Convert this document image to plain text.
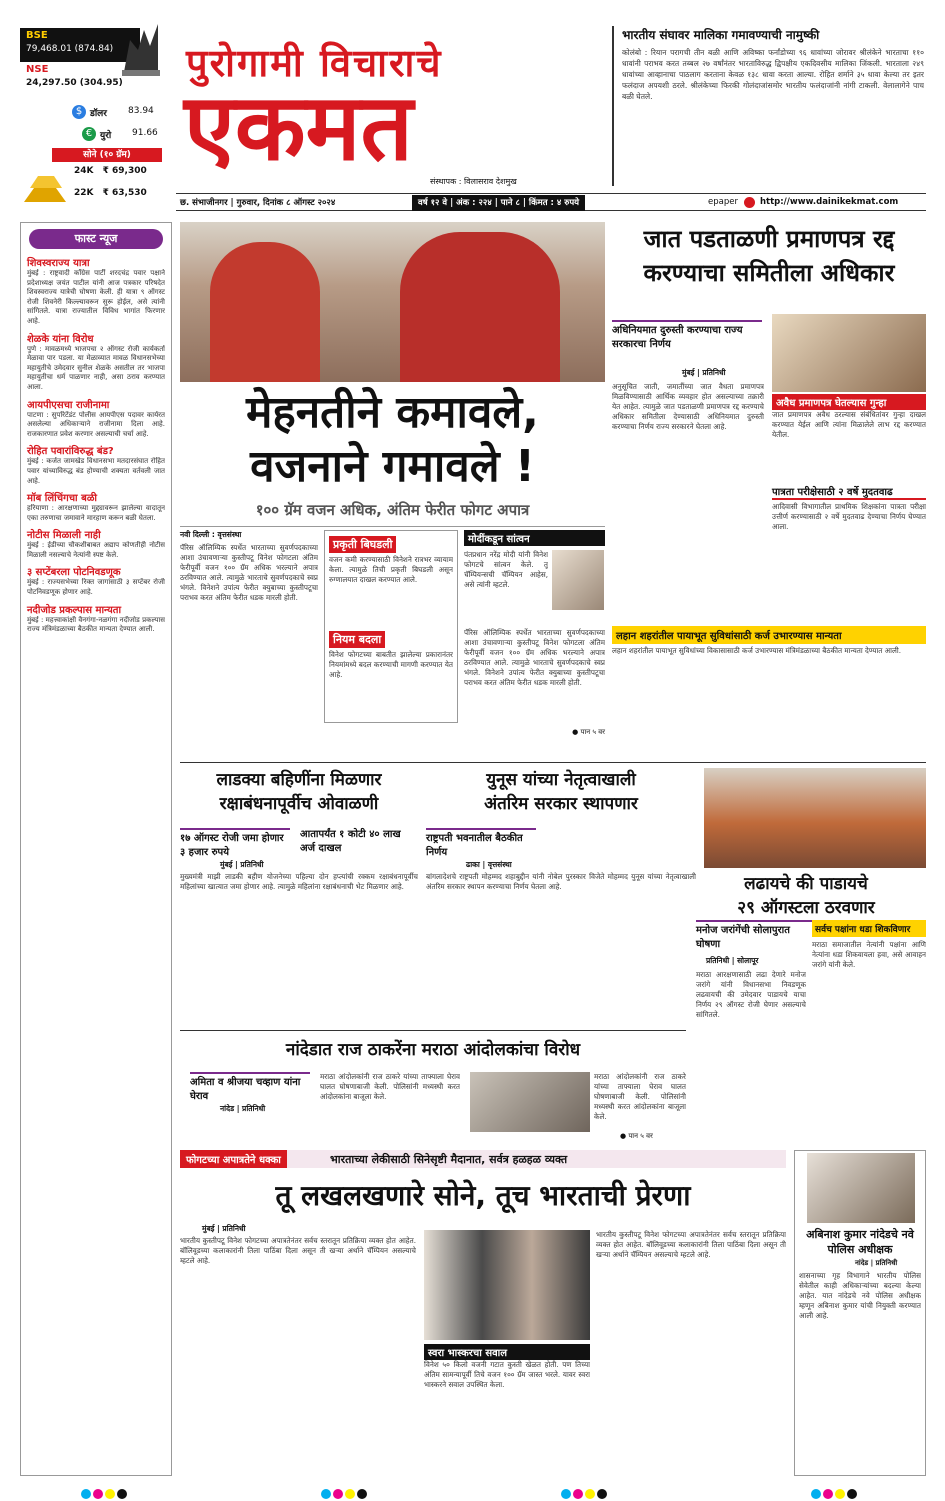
BSE
79,468.01 (874.84)
NSE
24,297.50 (304.95)
$ डॉलर 83.94
€ युरो 91.66
सोने (१० ग्रॅम)
24K ₹ 69,300
22K ₹ 63,530
पुरोगामी विचाराचे
एकमत
संस्थापक : विलासराव देशमुख
भारतीय संघावर मालिका गमावण्याची नामुष्की
कोलंबो : रियान परागची तीन बळी आणि अविष्का फर्नांडोच्या ९६ धावांच्या जोरावर श्रीलंकेने भारताचा ११० धावांनी पराभव करत तब्बल २७ वर्षांनंतर भारताविरुद्ध द्विपक्षीय एकदिवसीय मालिका जिंकली. भारताला २४९ धावांच्या आव्हानाचा पाठलाग करताना केवळ १३८ धावा करता आल्या. रोहित शर्माने ३५ धावा केल्या तर इतर फलंदाज अपयशी ठरले. श्रीलंकेच्या फिरकी गोलंदाजांसमोर भारतीय फलंदाजांनी नांगी टाकली. वेलालागेने पाच बळी घेतले.
छ. संभाजीनगर | गुरुवार, दिनांक ८ ऑगस्ट २०२४	वर्ष १२ वे | अंक : २२४ | पाने ८ | किंमत : ४ रुपये	epaper	http://www.dainikekmat.com
फास्ट न्यूज
शिवस्वराज्य यात्रा
मुंबई : राष्ट्रवादी काँग्रेस पार्टी शरदचंद्र पवार पक्षाने प्रदेशाध्यक्ष जयंत पाटील यांनी आज पत्रकार परिषदेत शिवस्वराज्य यात्रेची घोषणा केली. ही यात्रा ९ ऑगस्ट रोजी शिवनेरी किल्ल्यावरून सुरू होईल, असे त्यांनी सांगितले. यात्रा राज्यातील विविध भागांत फिरणार आहे.
शेळके यांना विरोध
पुणे : मावळमध्ये भाजपचा २ ऑगस्ट रोजी कार्यकर्ता मेळावा पार पडला. या मेळाव्यात मावळ विधानसभेच्या महायुतीचे उमेदवार सुनील शेळके असतील तर भाजपा महायुतीचा धर्म पाळणार नाही, असा ठराव करण्यात आला.
आयपीएसचा राजीनामा
पाटणा : सुपरिटेंडंट पोलीस आयपीएस पदावर कार्यरत असलेल्या अधिकाऱ्याने राजीनामा दिला आहे. राजकारणात प्रवेश करणार असल्याची चर्चा आहे.
रोहित पवारांविरुद्ध बंड?
मुंबई : कर्जत जामखेड विधानसभा मतदारसंघात रोहित पवार यांच्याविरुद्ध बंड होण्याची शक्यता वर्तवली जात आहे.
मॉब लिंचिंगचा बळी
हरियाणा : आरक्षणाच्या मुद्द्यावरून झालेल्या वादातून एका तरुणाचा जमावाने मारहाण करून बळी घेतला.
नोटीस मिळाली नाही
मुंबई : ईडीच्या चौकशीबाबत अद्याप कोणतीही नोटीस मिळाली नसल्याचे नेत्यांनी स्पष्ट केले.
३ सप्टेंबरला पोटनिवडणूक
मुंबई : राज्यसभेच्या रिक्त जागांसाठी ३ सप्टेंबर रोजी पोटनिवडणूक होणार आहे.
नदीजोड प्रकल्पास मान्यता
मुंबई : महत्त्वाकांक्षी वैनगंगा-नळगंगा नदीजोड प्रकल्पास राज्य मंत्रिमंडळाच्या बैठकीत मान्यता देण्यात आली.
मेहनतीने कमावले,
वजनाने गमावले !
१०० ग्रॅम वजन अधिक, अंतिम फेरीत फोगट अपात्र
नवी दिल्ली : वृत्तसंस्था
पॅरिस ऑलिम्पिक स्पर्धेत भारताच्या सुवर्णपदकाच्या आशा उंचावणाऱ्या कुस्तीपटू विनेश फोगटला अंतिम फेरीपूर्वी वजन १०० ग्रॅम अधिक भरल्याने अपात्र ठरविण्यात आले. त्यामुळे भारताचे सुवर्णपदकाचे स्वप्न भंगले. विनेशने उपांत्य फेरीत क्युबाच्या कुस्तीपटूचा पराभव करत अंतिम फेरीत धडक मारली होती.
प्रकृती बिघडली
वजन कमी करण्यासाठी विनेशने रात्रभर व्यायाम केला. त्यामुळे तिची प्रकृती बिघडली असून रुग्णालयात दाखल करण्यात आले.
नियम बदला
विनेश फोगटच्या बाबतीत झालेल्या प्रकारानंतर नियमांमध्ये बदल करण्याची मागणी करण्यात येत आहे.
मोदींकडून सांत्वन
पंतप्रधान नरेंद्र मोदी यांनी विनेश फोगटचे सांत्वन केले. तू चॅम्पियन्सची चॅम्पियन आहेस, असे त्यांनी म्हटले.
पॅरिस ऑलिम्पिक स्पर्धेत भारताच्या सुवर्णपदकाच्या आशा उंचावणाऱ्या कुस्तीपटू विनेश फोगटला अंतिम फेरीपूर्वी वजन १०० ग्रॅम अधिक भरल्याने अपात्र ठरविण्यात आले. त्यामुळे भारताचे सुवर्णपदकाचे स्वप्न भंगले. विनेशने उपांत्य फेरीत क्युबाच्या कुस्तीपटूचा पराभव करत अंतिम फेरीत धडक मारली होती.
● पान ५ वर
जात पडताळणी प्रमाणपत्र रद्द
करण्याचा समितीला अधिकार
अधिनियमात दुरुस्ती करण्याचा राज्य सरकारचा निर्णय
मुंबई | प्रतिनिधी
अवैध प्रमाणपत्र घेतल्यास गुन्हा
जात प्रमाणपत्र अवैध ठरल्यास संबंधितांवर गुन्हा दाखल करण्यात येईल आणि त्यांना मिळालेले लाभ रद्द करण्यात येतील.
पात्रता परीक्षेसाठी २ वर्षे मुदतवाढ
आदिवासी विभागातील प्राथमिक शिक्षकांना पात्रता परीक्षा उत्तीर्ण करण्यासाठी २ वर्षे मुदतवाढ देण्याचा निर्णय घेण्यात आला.
अनुसूचित जाती, जमातींच्या जात वैधता प्रमाणपत्र मिळविण्यासाठी आर्थिक व्यवहार होत असल्याच्या तक्रारी येत आहेत. त्यामुळे जात पडताळणी प्रमाणपत्र रद्द करण्याचे अधिकार समितीला देण्यासाठी अधिनियमात दुरुस्ती करण्याचा निर्णय राज्य सरकारने घेतला आहे.
लहान शहरांतील पायाभूत सुविधांसाठी कर्ज उभारण्यास मान्यता
लहान शहरांतील पायाभूत सुविधांच्या विकासासाठी कर्ज उभारण्यास मंत्रिमंडळाच्या बैठकीत मान्यता देण्यात आली.
लाडक्या बहिणींना मिळणार
रक्षाबंधनापूर्वीच ओवाळणी
१७ ऑगस्ट रोजी जमा होणार ३ हजार रुपये
आतापर्यंत १ कोटी ४० लाख अर्ज दाखल
मुंबई | प्रतिनिधी
मुख्यमंत्री माझी लाडकी बहीण योजनेच्या पहिल्या दोन हप्त्यांची रक्कम रक्षाबंधनापूर्वीच महिलांच्या खात्यात जमा होणार आहे. त्यामुळे महिलांना रक्षाबंधनाची भेट मिळणार आहे.
युनूस यांच्या नेतृत्वाखाली
अंतरिम सरकार स्थापणार
राष्ट्रपती भवनातील बैठकीत निर्णय
ढाका | वृत्तसंस्था
बांगलादेशचे राष्ट्रपती मोहम्मद शहाबुद्दीन यांनी नोबेल पुरस्कार विजेते मोहम्मद युनूस यांच्या नेतृत्वाखाली अंतरिम सरकार स्थापन करण्याचा निर्णय घेतला आहे.	लढायचे की पाडायचे
२९ ऑगस्टला ठरवणार
नांदेडात राज ठाकरेंना मराठा आंदोलकांचा विरोध
अमिता व श्रीजया चव्हाण यांना घेराव
नांदेड | प्रतिनिधी
मराठा आंदोलकांनी राज ठाकरे यांच्या ताफ्याला घेराव घालत घोषणाबाजी केली. पोलिसांनी मध्यस्थी करत आंदोलकांना बाजूला केले.
मराठा आंदोलकांनी राज ठाकरे यांच्या ताफ्याला घेराव घालत घोषणाबाजी केली. पोलिसांनी मध्यस्थी करत आंदोलकांना बाजूला केले.
● पान ५ वर
मनोज जरांगेंची सोलापुरात घोषणा
प्रतिनिधी | सोलापूर
मराठा आरक्षणासाठी लढा देणारे मनोज जरांगे यांनी विधानसभा निवडणूक लढवायची की उमेदवार पाडायचे याचा निर्णय २९ ऑगस्ट रोजी घेणार असल्याचे सांगितले.
सर्वच पक्षांना धडा शिकविणार
मराठा समाजातील नेत्यांनी पक्षांना आणि नेत्यांना धडा शिकवायला हवा, असे आवाहन जरांगे यांनी केले.
फोगटच्या अपात्रतेने धक्का	भारताच्या लेकीसाठी सिनेसृष्टी मैदानात, सर्वत्र हळहळ व्यक्त
तू लखलखणारे सोने, तूच भारताची प्रेरणा
मुंबई | प्रतिनिधी
भारतीय कुस्तीपटू विनेश फोगटच्या अपात्रतेनंतर सर्वच स्तरातून प्रतिक्रिया व्यक्त होत आहेत. बॉलिवूडच्या कलाकारांनी तिला पाठिंबा दिला असून ती खऱ्या अर्थाने चॅम्पियन असल्याचे म्हटले आहे.
स्वरा भास्करचा सवाल
विनेश ५० किलो वजनी गटात कुस्ती खेळत होती. पण तिच्या अंतिम सामन्यापूर्वी तिचे वजन १०० ग्रॅम जास्त भरले. यावर स्वरा भास्करने सवाल उपस्थित केला.
भारतीय कुस्तीपटू विनेश फोगटच्या अपात्रतेनंतर सर्वच स्तरातून प्रतिक्रिया व्यक्त होत आहेत. बॉलिवूडच्या कलाकारांनी तिला पाठिंबा दिला असून ती खऱ्या अर्थाने चॅम्पियन असल्याचे म्हटले आहे.
अबिनाश कुमार नांदेडचे नवे पोलिस अधीक्षक
नांदेड | प्रतिनिधी
शासनाच्या गृह विभागाने भारतीय पोलिस सेवेतील काही अधिकाऱ्यांच्या बदल्या केल्या आहेत. यात नांदेडचे नवे पोलिस अधीक्षक म्हणून अबिनाश कुमार यांची नियुक्ती करण्यात आली आहे.
